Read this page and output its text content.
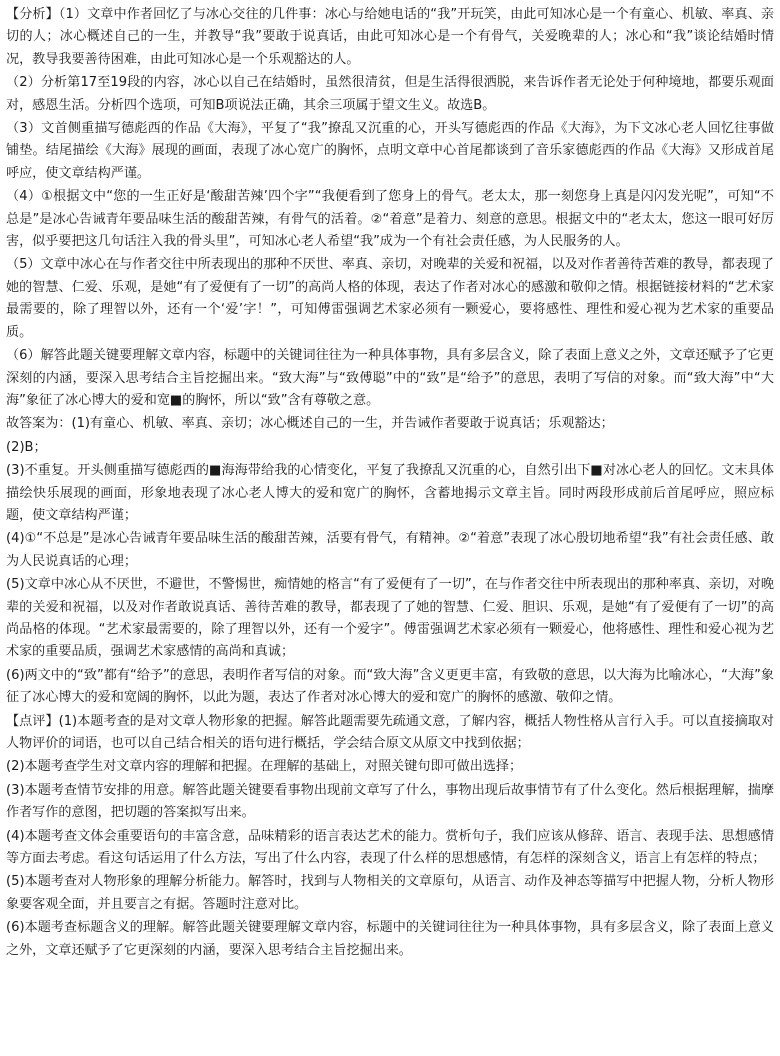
【分析】（1）文章中作者回忆了与冰心交往的几件事：冰心与给她电话的“我”开玩笑，由此可知冰心是一个有童心、机敏、率真、亲切的人；冰心概述自己的一生，并教导“我”要敢于说真话，由此可知冰心是一个有骨气，关爱晚辈的人；冰心和“我”谈论结婚时情况，教导我要善待困难，由此可知冰心是一个乐观豁达的人。

（2）分析第17至19段的内容，冰心以自己在结婚时，虽然很清贫，但是生活得很洒脱，来告诉作者无论处于何种境地，都要乐观面对，感恩生活。分析四个选项，可知B项说法正确，其余三项属于望文生义。故选B。

（3）文首侧重描写德彪西的作品《大海》，平复了“我”撩乱又沉重的心，开头写德彪西的作品《大海》，为下文冰心老人回忆往事做铺垫。结尾描绘《大海》展现的画面，表现了冰心宽广的胸怀，点明文章中心首尾都谈到了音乐家德彪西的作品《大海》又形成首尾呼应，使文章结构严谨。

（4）①根据文中“您的一生正好是‘酸甜苦辣’四个字”“我便看到了您身上的骨气。老太太，那一刻您身上真是闪闪发光呢”，可知“不总是”是冰心告诫青年要品味生活的酸甜苦辣，有骨气的活着。②“着意”是着力、刻意的意思。根据文中的“老太太，您这一眼可好厉害，似乎要把这几句话注入我的骨头里”，可知冰心老人希望“我”成为一个有社会责任感，为人民服务的人。

（5）文章中冰心在与作者交往中所表现出的那种不厌世、率真、亲切，对晚辈的关爱和祝福，以及对作者善待苦难的教导，都表现了她的智慧、仁爱、乐观，是她“有了爱便有了一切”的高尚人格的体现，表达了作者对冰心的感激和敬仰之情。根据链接材料的“艺术家最需要的，除了理智以外，还有一个‘爱’字！”，可知傅雷强调艺术家必须有一颗爱心，要将感性、理性和爱心视为艺术家的重要品质。

（6）解答此题关键要理解文章内容，标题中的关键词往往为一种具体事物，具有多层含义，除了表面上意义之外，文章还赋予了它更深刻的内涵，要深入思考结合主旨挖掘出来。“致大海”与“致傅聪”中的“致”是“给予”的意思，表明了写信的对象。而“致大海”中“大海”象征了冰心博大的爱和宽■的胸怀，所以“致”含有尊敬之意。

故答案为：(1)有童心、机敏、率真、亲切；冰心概述自己的一生，并告诫作者要敢于说真话；乐观豁达；

(2)B；

(3)不重复。开头侧重描写德彪西的■海海带给我的心情变化，平复了我撩乱又沉重的心，自然引出下■对冰心老人的回忆。文末具体描绘快乐展现的画面，形象地表现了冰心老人博大的爱和宽广的胸怀，含蓄地揭示文章主旨。同时两段形成前后首尾呼应，照应标题，使文章结构严谨；

(4)①“不总是”是冰心告诫青年要品味生活的酸甜苦辣，活要有骨气，有精神。②“着意”表现了冰心殷切地希望“我”有社会责任感、敢为人民说真话的心理；

(5)文章中冰心从不厌世，不避世，不警惕世，痴情她的格言“有了爱便有了一切”，在与作者交往中所表现出的那种率真、亲切，对晚辈的关爱和祝福，以及对作者敢说真话、善待苦难的教导，都表现了了她的智慧、仁爱、胆识、乐观，是她“有了爱便有了一切”的高尚品格的体现。“艺术家最需要的，除了理智以外，还有一个爱字”。傅雷强调艺术家必须有一颗爱心，他将感性、理性和爱心视为艺术家的重要品质，强调艺术家感情的高尚和真诚；

(6)两文中的“致”都有“给予”的意思，表明作者写信的对象。而“致大海”含义更更丰富，有致敬的意思，以大海为比喻冰心，“大海”象征了冰心博大的爱和宽阔的胸怀，以此为题，表达了作者对冰心博大的爱和宽广的胸怀的感激、敬仰之情。

【点评】(1)本题考查的是对文章人物形象的把握。解答此题需要先疏通文意，了解内容，概括人物性格从言行入手。可以直接摘取对人物评价的词语，也可以自己结合相关的语句进行概括，学会结合原文从原文中找到依据；

(2)本题考查学生对文章内容的理解和把握。在理解的基础上，对照关键句即可做出选择；

(3)本题考查情节安排的用意。解答此题关键要看事物出现前文章写了什么，事物出现后故事情节有了什么变化。然后根据理解，揣摩作者写作的意图，把切题的答案拟写出来。

(4)本题考查文体会重要语句的丰富含意，品味精彩的语言表达艺术的能力。赏析句子，我们应该从修辞、语言、表现手法、思想感情等方面去考虑。看这句话运用了什么方法，写出了什么内容，表现了什么样的思想感情，有怎样的深刻含义，语言上有怎样的特点；

(5)本题考查对人物形象的理解分析能力。解答时，找到与人物相关的文章原句，从语言、动作及神态等描写中把握人物，分析人物形象要客观全面，并且要言之有据。答题时注意对比。

(6)本题考查标题含义的理解。解答此题关键要理解文章内容，标题中的关键词往往为一种具体事物，具有多层含义，除了表面上意义之外，文章还赋予了它更深刻的内涵，要深入思考结合主旨挖掘出来。
